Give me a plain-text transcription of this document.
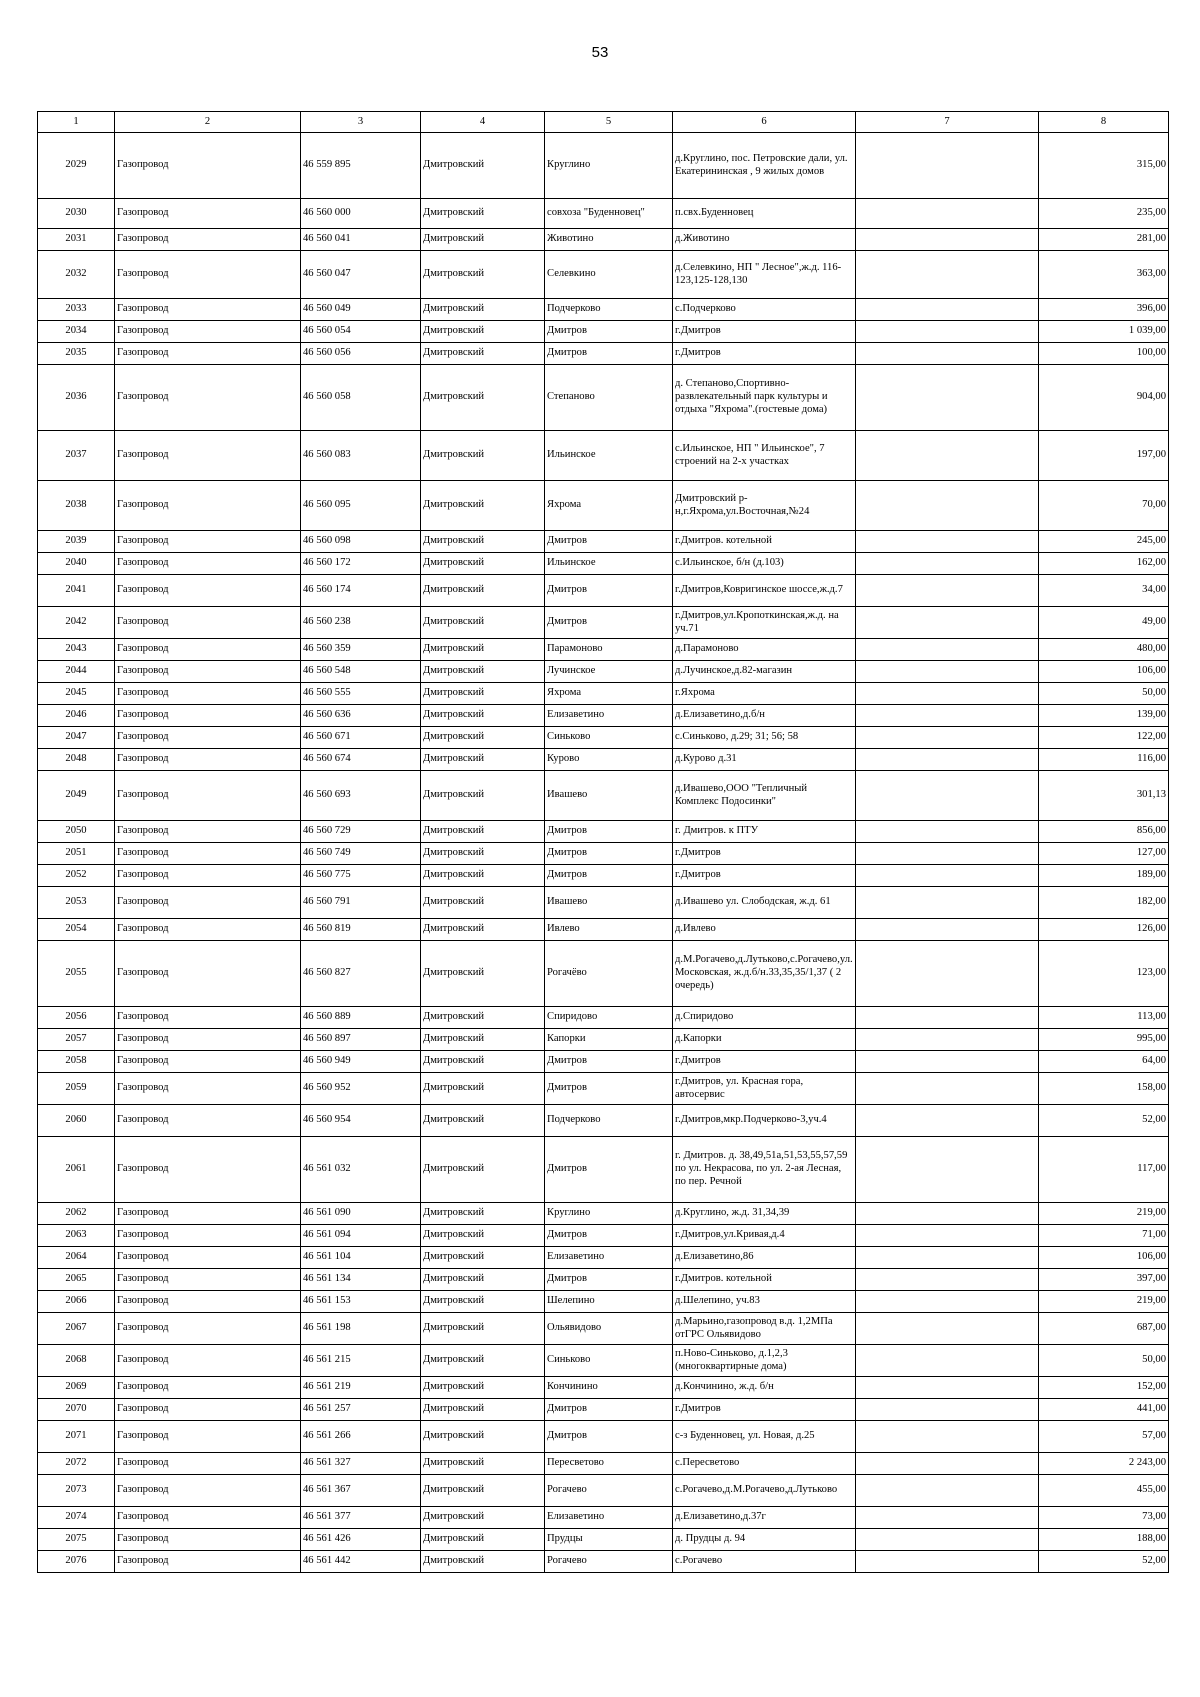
53
1	2	3	4	5	6	7	8
2029	Газопровод	46 559 895	Дмитровский	Круглино	д.Круглино, пос. Петровские дали, ул. Екатерининская , 9 жилых домов		315,00
2030	Газопровод	46 560 000	Дмитровский	совхоза "Буденновец"	п.свх.Буденновец		235,00
2031	Газопровод	46 560 041	Дмитровский	Животино	д.Животино		281,00
2032	Газопровод	46 560 047	Дмитровский	Селевкино	д.Селевкино, НП " Лесное",ж.д. 116-123,125-128,130		363,00
2033	Газопровод	46 560 049	Дмитровский	Подчерково	с.Подчерково		396,00
2034	Газопровод	46 560 054	Дмитровский	Дмитров	г.Дмитров		1 039,00
2035	Газопровод	46 560 056	Дмитровский	Дмитров	г.Дмитров		100,00
2036	Газопровод	46 560 058	Дмитровский	Степаново	д. Степаново,Спортивно-развлекательный парк культуры и отдыха "Яхрома".(гостевые дома)		904,00
2037	Газопровод	46 560 083	Дмитровский	Ильинское	с.Ильинское, НП " Ильинское", 7 строений на 2-х участках		197,00
2038	Газопровод	46 560 095	Дмитровский	Яхрома	Дмитровский р-н,г.Яхрома,ул.Восточная,№24		70,00
2039	Газопровод	46 560 098	Дмитровский	Дмитров	г.Дмитров. котельной		245,00
2040	Газопровод	46 560 172	Дмитровский	Ильинское	с.Ильинское, б/н (д.103)		162,00
2041	Газопровод	46 560 174	Дмитровский	Дмитров	г.Дмитров,Ковригинское шоссе,ж.д.7		34,00
2042	Газопровод	46 560 238	Дмитровский	Дмитров	г.Дмитров,ул.Кропоткинская,ж.д. на уч.71		49,00
2043	Газопровод	46 560 359	Дмитровский	Парамоново	д.Парамоново		480,00
2044	Газопровод	46 560 548	Дмитровский	Лучинское	д.Лучинское,д.82-магазин		106,00
2045	Газопровод	46 560 555	Дмитровский	Яхрома	г.Яхрома		50,00
2046	Газопровод	46 560 636	Дмитровский	Елизаветино	д.Елизаветино,д.б/н		139,00
2047	Газопровод	46 560 671	Дмитровский	Синьково	с.Синьково, д.29; 31; 56; 58		122,00
2048	Газопровод	46 560 674	Дмитровский	Курово	д.Курово д.31		116,00
2049	Газопровод	46 560 693	Дмитровский	Ивашево	д.Ивашево,ООО "Тепличный Комплекс Подосинки"		301,13
2050	Газопровод	46 560 729	Дмитровский	Дмитров	г. Дмитров. к ПТУ		856,00
2051	Газопровод	46 560 749	Дмитровский	Дмитров	г.Дмитров		127,00
2052	Газопровод	46 560 775	Дмитровский	Дмитров	г.Дмитров		189,00
2053	Газопровод	46 560 791	Дмитровский	Ивашево	д.Ивашево ул. Слободская, ж.д. 61		182,00
2054	Газопровод	46 560 819	Дмитровский	Ивлево	д.Ивлево		126,00
2055	Газопровод	46 560 827	Дмитровский	Рогачёво	д.М.Рогачево,д.Лутьково,с.Рогачево,ул. Московская, ж.д.б/н.33,35,35/1,37 ( 2 очередь)		123,00
2056	Газопровод	46 560 889	Дмитровский	Спиридово	д.Спиридово		113,00
2057	Газопровод	46 560 897	Дмитровский	Капорки	д.Капорки		995,00
2058	Газопровод	46 560 949	Дмитровский	Дмитров	г.Дмитров		64,00
2059	Газопровод	46 560 952	Дмитровский	Дмитров	г.Дмитров, ул. Красная гора, автосервис		158,00
2060	Газопровод	46 560 954	Дмитровский	Подчерково	г.Дмитров,мкр.Подчерково-3,уч.4		52,00
2061	Газопровод	46 561 032	Дмитровский	Дмитров	г. Дмитров. д. 38,49,51а,51,53,55,57,59 по ул. Некрасова, по ул. 2-ая Лесная, по пер. Речной		117,00
2062	Газопровод	46 561 090	Дмитровский	Круглино	д.Круглино, ж.д. 31,34,39		219,00
2063	Газопровод	46 561 094	Дмитровский	Дмитров	г.Дмитров,ул.Кривая,д.4		71,00
2064	Газопровод	46 561 104	Дмитровский	Елизаветино	д.Елизаветино,86		106,00
2065	Газопровод	46 561 134	Дмитровский	Дмитров	г.Дмитров. котельной		397,00
2066	Газопровод	46 561 153	Дмитровский	Шелепино	д.Шелепино, уч.83		219,00
2067	Газопровод	46 561 198	Дмитровский	Ольявидово	д.Марьино,газопровод в.д. 1,2МПа отГРС Ольявидово		687,00
2068	Газопровод	46 561 215	Дмитровский	Синьково	п.Ново-Синьково, д.1,2,3 (многоквартирные дома)		50,00
2069	Газопровод	46 561 219	Дмитровский	Кончинино	д.Кончинино, ж.д. б/н		152,00
2070	Газопровод	46 561 257	Дмитровский	Дмитров	г.Дмитров		441,00
2071	Газопровод	46 561 266	Дмитровский	Дмитров	с-з Буденновец, ул. Новая, д.25		57,00
2072	Газопровод	46 561 327	Дмитровский	Пересветово	с.Пересветово		2 243,00
2073	Газопровод	46 561 367	Дмитровский	Рогачево	с.Рогачево,д.М.Рогачево,д.Лутьково		455,00
2074	Газопровод	46 561 377	Дмитровский	Елизаветино	д.Елизаветино,д.37г		73,00
2075	Газопровод	46 561 426	Дмитровский	Прудцы	д. Прудцы д. 94		188,00
2076	Газопровод	46 561 442	Дмитровский	Рогачево	с.Рогачево		52,00
